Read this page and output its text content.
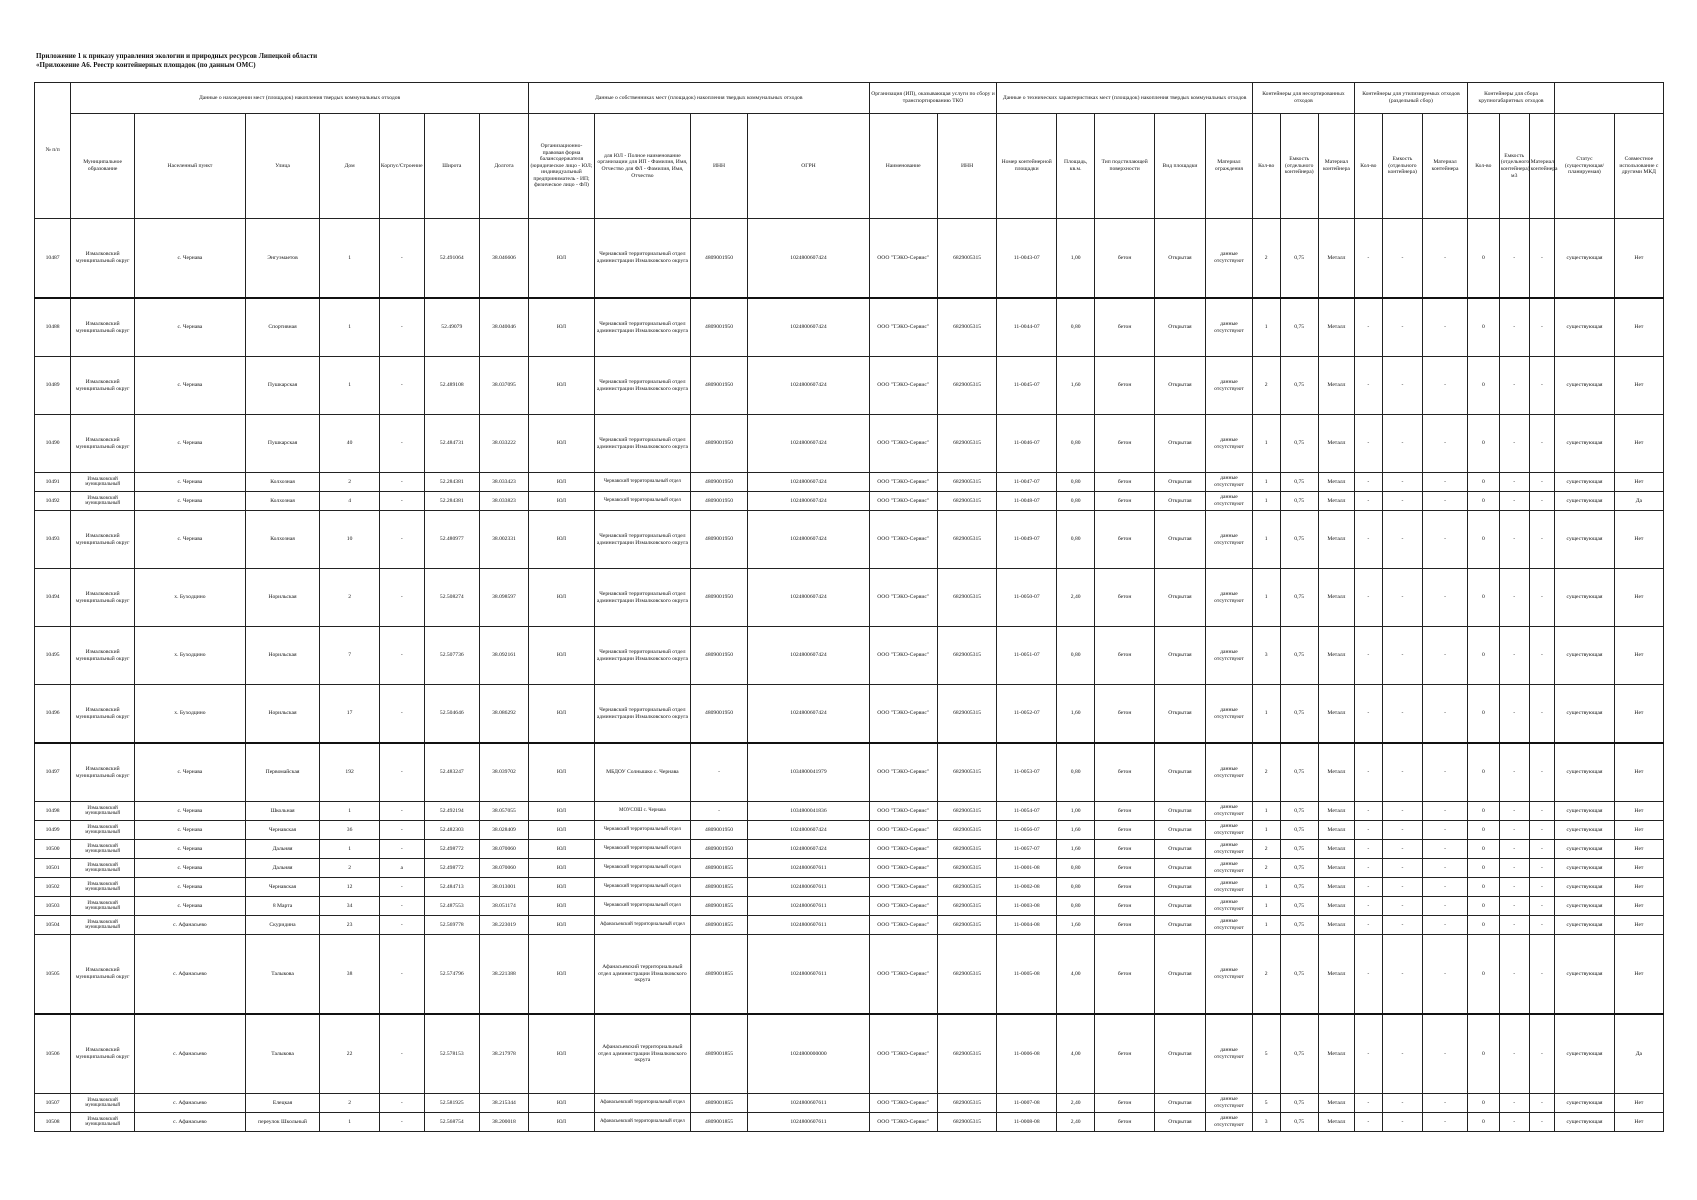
Приложение 1 к приказу управления экологии и природных ресурсов Липецкой области
«Приложение А6. Реестр контейнерных площадок (по данным ОМС)
№ п/п	Данные о нахождении мест (площадок) накопления твердых коммунальных отходов							Данные о собственниках мест (площадок) накопления твердых коммунальных отходов				Организация (ИП), оказывающая услуги по сбору и транспортированию ТКО		Данные о технических характеристиках мест (площадок) накопления твердых коммунальных отходов					Контейнеры для несортированных отходов			Контейнеры для утилизируемых отходов (раздельный сбор)			Контейнеры для сбора крупногабаритных отходов				
	Муниципальное образование	Населенный пункт	Улица	Дом	Корпус/Строение	Широта	Долгота	Организационно-правовая форма балансодержателя (юридическое лицо - ЮЛ; индивидуальный предприниматель - ИП; физическое лицо - ФЛ)	для ЮЛ - Полное наименование организации для ИП - Фамилия, Имя, Отчество для ФЛ - Фамилия, Имя, Отчество	ИНН	ОГРН	Наименование	ИНН	Номер контейнерной площадки	Площадь, кв.м.	Тип подстилающей поверхности	Вид площадки	Материал ограждения	Кол-во	Емкость (отдельного контейнера)	Материал контейнера	Кол-во	Емкость (отдельного контейнера)	Материал контейнера	Кол-во	Емкость (отдельного контейнера) м3	Материал контейнера	Статус (существующая/планируемая)	Совместное использование с другими МКД
10487	Измалковский муниципальный округ	с. Чернава	Энгуэмаетов	1	-	52.491064	38.046606	ЮЛ	Чернавский территориальный отдел администрации Измалковского округа	4809001950	1024800607424	ООО "ТЭКО-Сервис"	6829005315	11-0043-07	1,00	бетон	Открытая	данные отсутствуют	2	0,75	Металл	-	-	-	0	-	-	существующая	Нет
10488	Измалковский муниципальный округ	с. Чернава	Спортивная	1	-	52.49079	38.040046	ЮЛ	Чернавский территориальный отдел администрации Измалковского округа	4809001950	1024800607424	ООО "ТЭКО-Сервис"	6829005315	11-0044-07	0,80	бетон	Открытая	данные отсутствуют	1	0,75	Металл	-	-	-	0	-	-	существующая	Нет
10489	Измалковский муниципальный округ	с. Чернава	Пушкарская	1	-	52.489108	38.037095	ЮЛ	Чернавский территориальный отдел администрации Измалковского округа	4809001950	1024800607424	ООО "ТЭКО-Сервис"	6829005315	11-0045-07	1,60	бетон	Открытая	данные отсутствуют	2	0,75	Металл	-	-	-	0	-	-	существующая	Нет
10490	Измалковский муниципальный округ	с. Чернава	Пушкарская	40	-	52.484731	38.033222	ЮЛ	Чернавский территориальный отдел администрации Измалковского округа	4809001950	1024800607424	ООО "ТЭКО-Сервис"	6829005315	11-0046-07	0,80	бетон	Открытая	данные отсутствуют	1	0,75	Металл	-	-	-	0	-	-	существующая	Нет
10491	Измалковский муниципальный	с. Чернава	Колхозная	2	-	52.284381	38.033423	ЮЛ	Чернавский территориальный отдел	4809001950	1024800607424	ООО "ТЭКО-Сервис"	6829005315	11-0047-07	0,80	бетон	Открытая	данные отсутствуют	1	0,75	Металл	-	-	-	0	-	-	существующая	Нет
10492	Измалковский муниципальный	с. Чернава	Колхозная	4	-	52.284381	38.033823	ЮЛ	Чернавский территориальный отдел	4809001950	1024800607424	ООО "ТЭКО-Сервис"	6829005315	11-0048-07	0,80	бетон	Открытая	данные отсутствуют	1	0,75	Металл	-	-	-	0	-	-	существующая	Да
10493	Измалковский муниципальный округ	с. Чернава	Колхозная	10	-	52.480977	38.002331	ЮЛ	Чернавский территориальный отдел администрации Измалковского округа	4809001950	1024800607424	ООО "ТЭКО-Сервис"	6829005315	11-0049-07	0,80	бетон	Открытая	данные отсутствуют	1	0,75	Металл	-	-	-	0	-	-	существующая	Нет
10494	Измалковский муниципальный округ	х. Буходцино	Норильская	2	-	52.508274	38.098597	ЮЛ	Чернавский территориальный отдел администрации Измалковского округа	4809001950	1024800607424	ООО "ТЭКО-Сервис"	6829005315	11-0050-07	2,40	бетон	Открытая	данные отсутствуют	1	0,75	Металл	-	-	-	0	-	-	существующая	Нет
10495	Измалковский муниципальный округ	х. Буходцино	Норильская	7	-	52.507736	38.092161	ЮЛ	Чернавский территориальный отдел администрации Измалковского округа	4809001950	1024800607424	ООО "ТЭКО-Сервис"	6829005315	11-0051-07	0,80	бетон	Открытая	данные отсутствуют	3	0,75	Металл	-	-	-	0	-	-	существующая	Нет
10496	Измалковский муниципальный округ	х. Буходцино	Норильская	17	-	52.504646	38.086292	ЮЛ	Чернавский территориальный отдел администрации Измалковского округа	4809001950	1024800607424	ООО "ТЭКО-Сервис"	6829005315	11-0052-07	1,60	бетон	Открытая	данные отсутствуют	1	0,75	Металл	-	-	-	0	-	-	существующая	Нет
10497	Измалковский муниципальный округ	с. Чернава	Первомайская	192	-	52.483247	38.039702	ЮЛ	МБДОУ Солнышко с. Чернава	-	1034800041979	ООО "ТЭКО-Сервис"	6829005315	11-0053-07	0,80	бетон	Открытая	данные отсутствуют	2	0,75	Металл	-	-	-	0	-	-	существующая	Нет
10498	Измалковский муниципальный	с. Чернава	Школьная	1	-	52.492194	38.057055	ЮЛ	МОУСОШ с. Чернава	-	1034800041836	ООО "ТЭКО-Сервис"	6829005315	11-0054-07	1,00	бетон	Открытая	данные отсутствуют	1	0,75	Металл	-	-	-	0	-	-	существующая	Нет
10499	Измалковский муниципальный	с. Чернава	Чернавская	36	-	52.482303	38.028409	ЮЛ	Чернавский территориальный отдел	4809001950	1024800607424	ООО "ТЭКО-Сервис"	6829005315	11-0056-07	1,60	бетон	Открытая	данные отсутствуют	1	0,75	Металл	-	-	-	0	-	-	существующая	Нет
10500	Измалковский муниципальный	с. Чернава	Дальняя	1	-	52.498772	38.070060	ЮЛ	Чернавский территориальный отдел	4809001950	1024800607424	ООО "ТЭКО-Сервис"	6829005315	11-0057-07	1,60	бетон	Открытая	данные отсутствуют	2	0,75	Металл	-	-	-	0	-	-	существующая	Нет
10501	Измалковский муниципальный	с. Чернава	Дальняя	2	а	52.498772	38.070060	ЮЛ	Чернавский территориальный отдел	4809001855	1024800607611	ООО "ТЭКО-Сервис"	6829005315	11-0001-08	0,80	бетон	Открытая	данные отсутствуют	2	0,75	Металл	-	-	-	0	-	-	существующая	Нет
10502	Измалковский муниципальный	с. Чернава	Чернавская	12	-	52.484713	38.013001	ЮЛ	Чернавский территориальный отдел	4809001855	1024800607611	ООО "ТЭКО-Сервис"	6829005315	11-0002-08	0,80	бетон	Открытая	данные отсутствуют	1	0,75	Металл	-	-	-	0	-	-	существующая	Нет
10503	Измалковский муниципальный	с. Чернава	8 Марта	34	-	52.487553	38.051174	ЮЛ	Чернавский территориальный отдел	4809001855	1024800607611	ООО "ТЭКО-Сервис"	6829005315	11-0003-08	0,80	бетон	Открытая	данные отсутствуют	1	0,75	Металл	-	-	-	0	-	-	существующая	Нет
10504	Измалковский муниципальный	с. Афанасьево	Скуридина	23	-	52.569778	38.223019	ЮЛ	Афанасьевский территориальный отдел	4809001855	1024800607611	ООО "ТЭКО-Сервис"	6829005315	11-0004-08	1,60	бетон	Открытая	данные отсутствуют	1	0,75	Металл	-	-	-	0	-	-	существующая	Нет
10505	Измалковский муниципальный округ	с. Афанасьево	Талыкова	38	-	52.574796	38.221388	ЮЛ	Афанасьевский территориальный отдел администрации Измалковского округа	4809001855	1024800607611	ООО "ТЭКО-Сервис"	6829005315	11-0005-08	4,00	бетон	Открытая	данные отсутствуют	2	0,75	Металл	-	-	-	0	-	-	существующая	Нет
10506	Измалковский муниципальный округ	с. Афанасьево	Талыкова	22	-	52.578153	38.217978	ЮЛ	Афанасьевский территориальный отдел администрации Измалковского округа	4809001855	1024800000000	ООО "ТЭКО-Сервис"	6829005315	11-0006-08	4,00	бетон	Открытая	данные отсутствуют	5	0,75	Металл	-	-	-	0	-	-	существующая	Да
10507	Измалковский муниципальный	с. Афанасьево	Елецкая	2	-	52.581925	38.215344	ЮЛ	Афанасьевский территориальный отдел	4809001855	1024800607611	ООО "ТЭКО-Сервис"	6829005315	11-0007-08	2,40	бетон	Открытая	данные отсутствуют	5	0,75	Металл	-	-	-	0	-	-	существующая	Нет
10508	Измалковский муниципальный	с. Афанасьево	переулок Школьный	1	-	52.568754	38.200018	ЮЛ	Афанасьевский территориальный отдел	4809001855	1024800607611	ООО "ТЭКО-Сервис"	6829005315	11-0008-08	2,40	бетон	Открытая	данные отсутствуют	3	0,75	Металл	-	-	-	0	-	-	существующая	Нет
